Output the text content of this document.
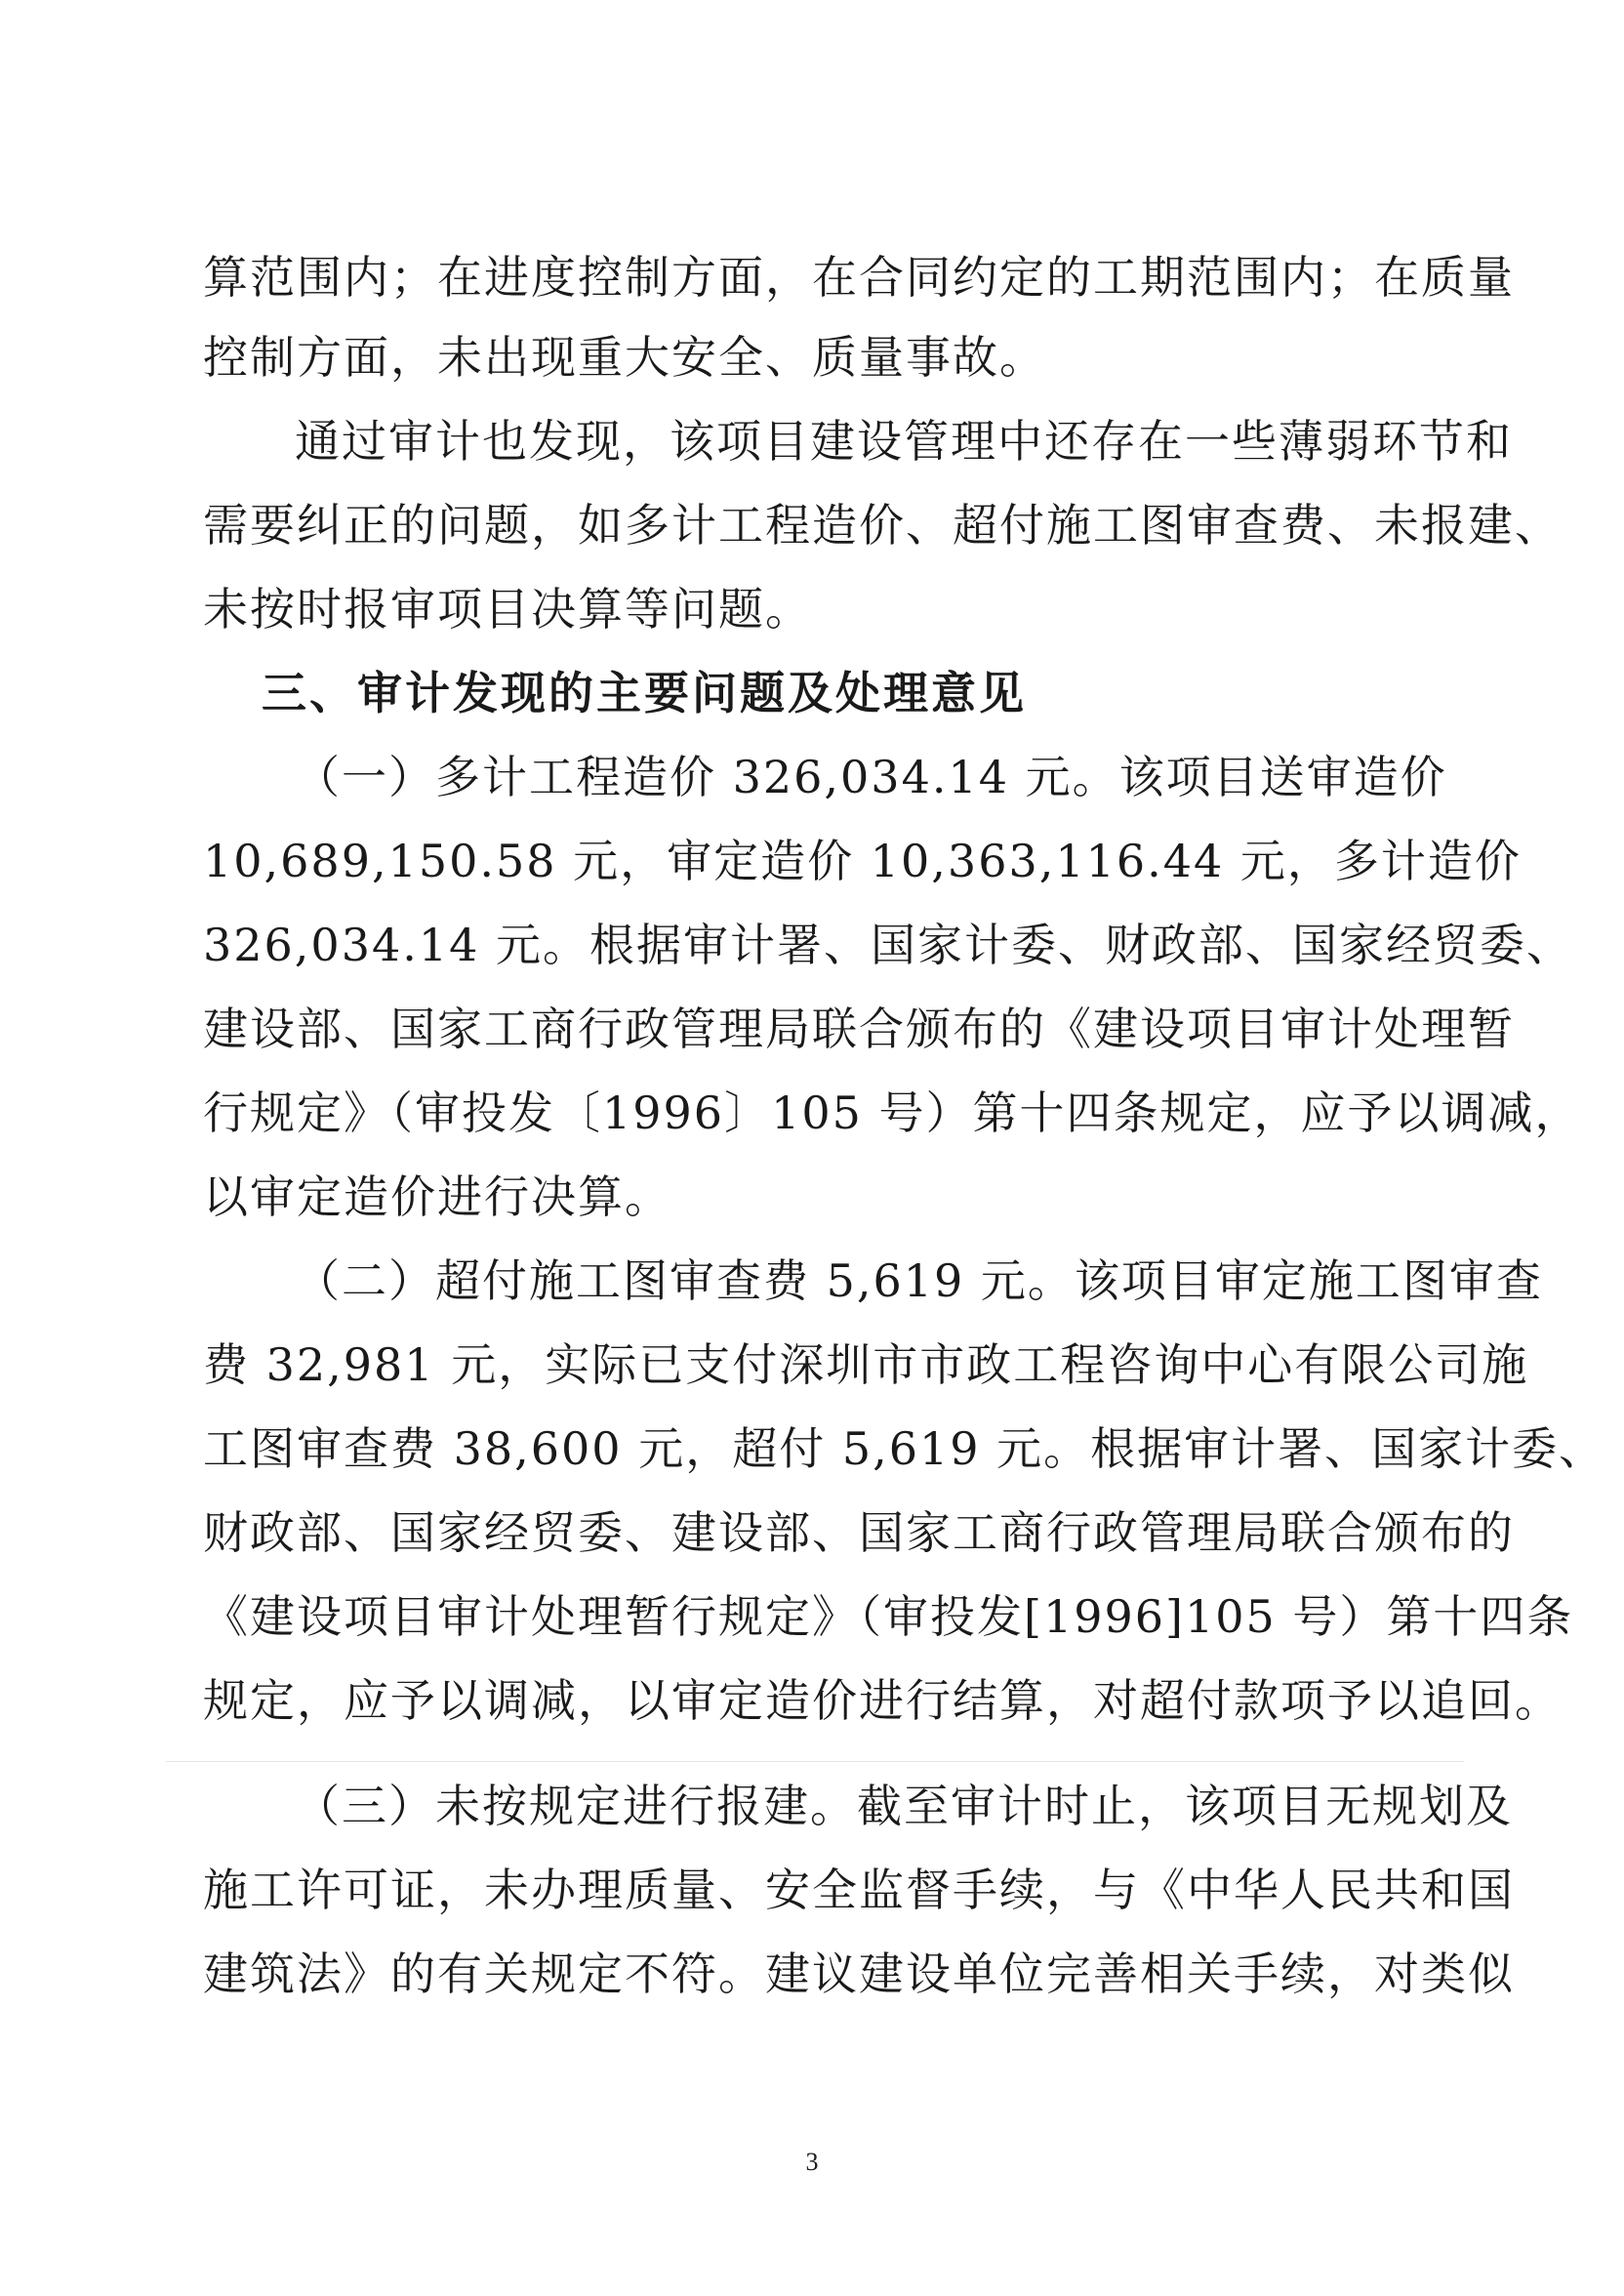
算范围内；在进度控制方面，在合同约定的工期范围内；在质量
控制方面，未出现重大安全、质量事故。
通过审计也发现，该项目建设管理中还存在一些薄弱环节和
需要纠正的问题，如多计工程造价、超付施工图审查费、未报建、
未按时报审项目决算等问题。
三、审计发现的主要问题及处理意见
（一）多计工程造价 326,034.14 元。该项目送审造价
10,689,150.58 元，审定造价 10,363,116.44 元，多计造价
326,034.14 元。根据审计署、国家计委、财政部、国家经贸委、
建设部、国家工商行政管理局联合颁布的《建设项目审计处理暂
行规定》（审投发〔1996〕105 号）第十四条规定，应予以调减，
以审定造价进行决算。
（二）超付施工图审查费 5,619 元。该项目审定施工图审查
费 32,981 元，实际已支付深圳市市政工程咨询中心有限公司施
工图审查费 38,600 元，超付 5,619 元。根据审计署、国家计委、
财政部、国家经贸委、建设部、国家工商行政管理局联合颁布的
《建设项目审计处理暂行规定》（审投发[1996]105 号）第十四条
规定，应予以调减，以审定造价进行结算，对超付款项予以追回。
（三）未按规定进行报建。截至审计时止，该项目无规划及
施工许可证，未办理质量、安全监督手续，与《中华人民共和国
建筑法》的有关规定不符。建议建设单位完善相关手续，对类似
3
